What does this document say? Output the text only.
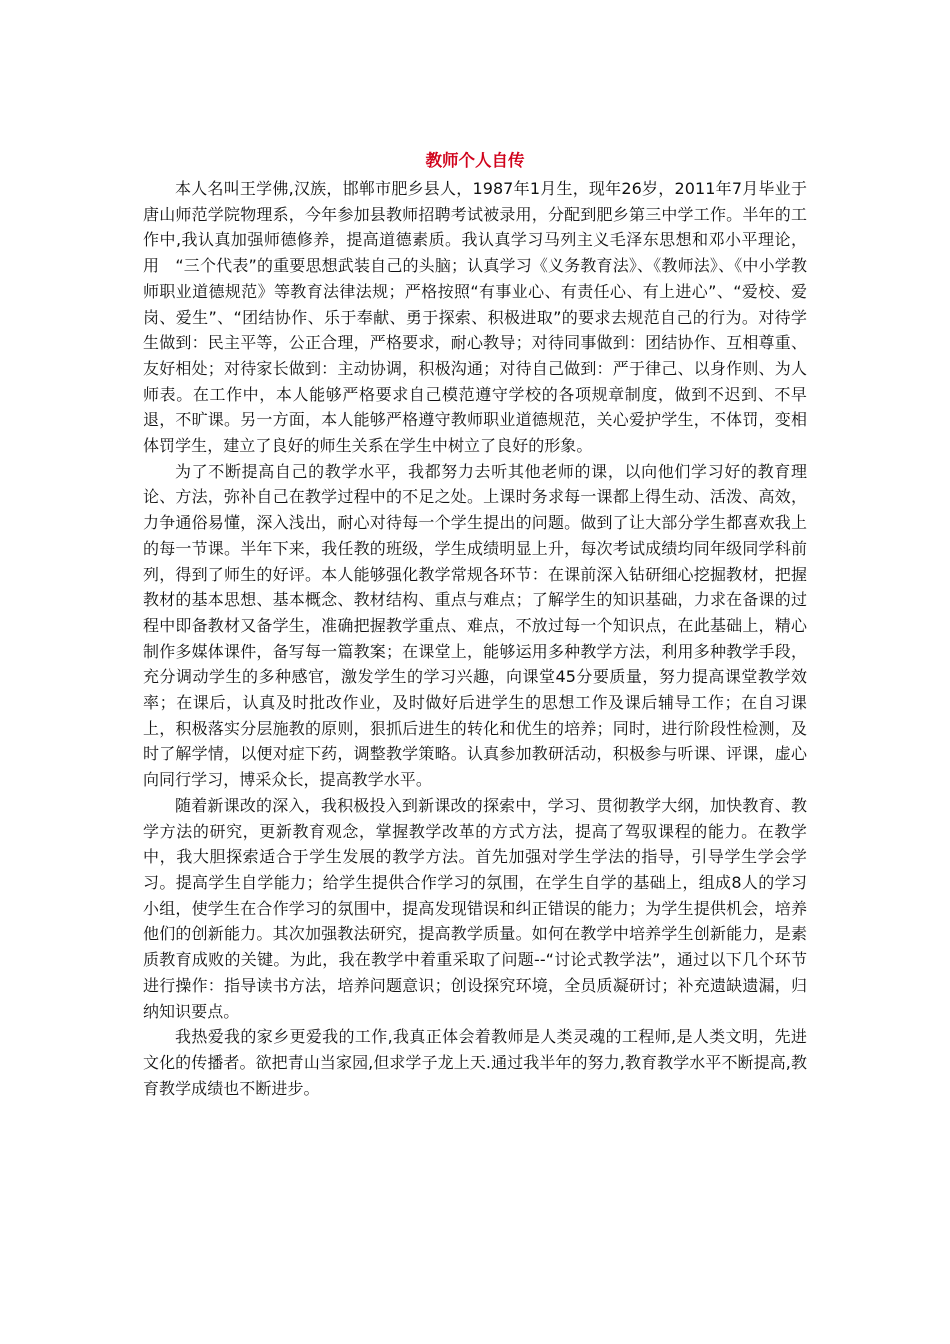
教师个人自传

本人名叫王学佛,汉族，邯郸市肥乡县人，1987年1月生，现年26岁，2011年7月毕业于唐山师范学院物理系，今年参加县教师招聘考试被录用，分配到肥乡第三中学工作。半年的工作中,我认真加强师德修养，提高道德素质。我认真学习马列主义毛泽东思想和邓小平理论，用　“三个代表”的重要思想武装自己的头脑；认真学习《义务教育法》、《教师法》、《中小学教师职业道德规范》等教育法律法规；严格按照“有事业心、有责任心、有上进心”、“爱校、爱岗、爱生”、“团结协作、乐于奉献、勇于探索、积极进取”的要求去规范自己的行为。对待学生做到：民主平等，公正合理，严格要求，耐心教导；对待同事做到：团结协作、互相尊重、友好相处；对待家长做到：主动协调，积极沟通；对待自己做到：严于律己、以身作则、为人师表。在工作中，本人能够严格要求自己模范遵守学校的各项规章制度，做到不迟到、不早退，不旷课。另一方面，本人能够严格遵守教师职业道德规范，关心爱护学生，不体罚，变相体罚学生，建立了良好的师生关系在学生中树立了良好的形象。

为了不断提高自己的教学水平，我都努力去听其他老师的课，以向他们学习好的教育理论、方法，弥补自己在教学过程中的不足之处。上课时务求每一课都上得生动、活泼、高效，力争通俗易懂，深入浅出，耐心对待每一个学生提出的问题。做到了让大部分学生都喜欢我上的每一节课。半年下来，我任教的班级，学生成绩明显上升，每次考试成绩均同年级同学科前列，得到了师生的好评。本人能够强化教学常规各环节：在课前深入钻研细心挖掘教材，把握教材的基本思想、基本概念、教材结构、重点与难点；了解学生的知识基础，力求在备课的过程中即备教材又备学生，准确把握教学重点、难点，不放过每一个知识点，在此基础上，精心制作多媒体课件，备写每一篇教案；在课堂上，能够运用多种教学方法，利用多种教学手段，充分调动学生的多种感官，激发学生的学习兴趣，向课堂45分要质量，努力提高课堂教学效率；在课后，认真及时批改作业，及时做好后进学生的思想工作及课后辅导工作；在自习课上，积极落实分层施教的原则，狠抓后进生的转化和优生的培养；同时，进行阶段性检测，及时了解学情，以便对症下药，调整教学策略。认真参加教研活动，积极参与听课、评课，虚心向同行学习，博采众长，提高教学水平。

随着新课改的深入，我积极投入到新课改的探索中，学习、贯彻教学大纲，加快教育、教学方法的研究，更新教育观念，掌握教学改革的方式方法，提高了驾驭课程的能力。在教学中，我大胆探索适合于学生发展的教学方法。首先加强对学生学法的指导，引导学生学会学习。提高学生自学能力；给学生提供合作学习的氛围，在学生自学的基础上，组成8人的学习小组，使学生在合作学习的氛围中，提高发现错误和纠正错误的能力；为学生提供机会，培养他们的创新能力。其次加强教法研究，提高教学质量。如何在教学中培养学生创新能力，是素质教育成败的关键。为此，我在教学中着重采取了问题--“讨论式教学法”，通过以下几个环节进行操作：指导读书方法，培养问题意识；创设探究环境，全员质凝研讨；补充遗缺遗漏，归纳知识要点。

我热爱我的家乡更爱我的工作,我真正体会着教师是人类灵魂的工程师,是人类文明，先进文化的传播者。欲把青山当家园,但求学子龙上天.通过我半年的努力,教育教学水平不断提高,教育教学成绩也不断进步。
